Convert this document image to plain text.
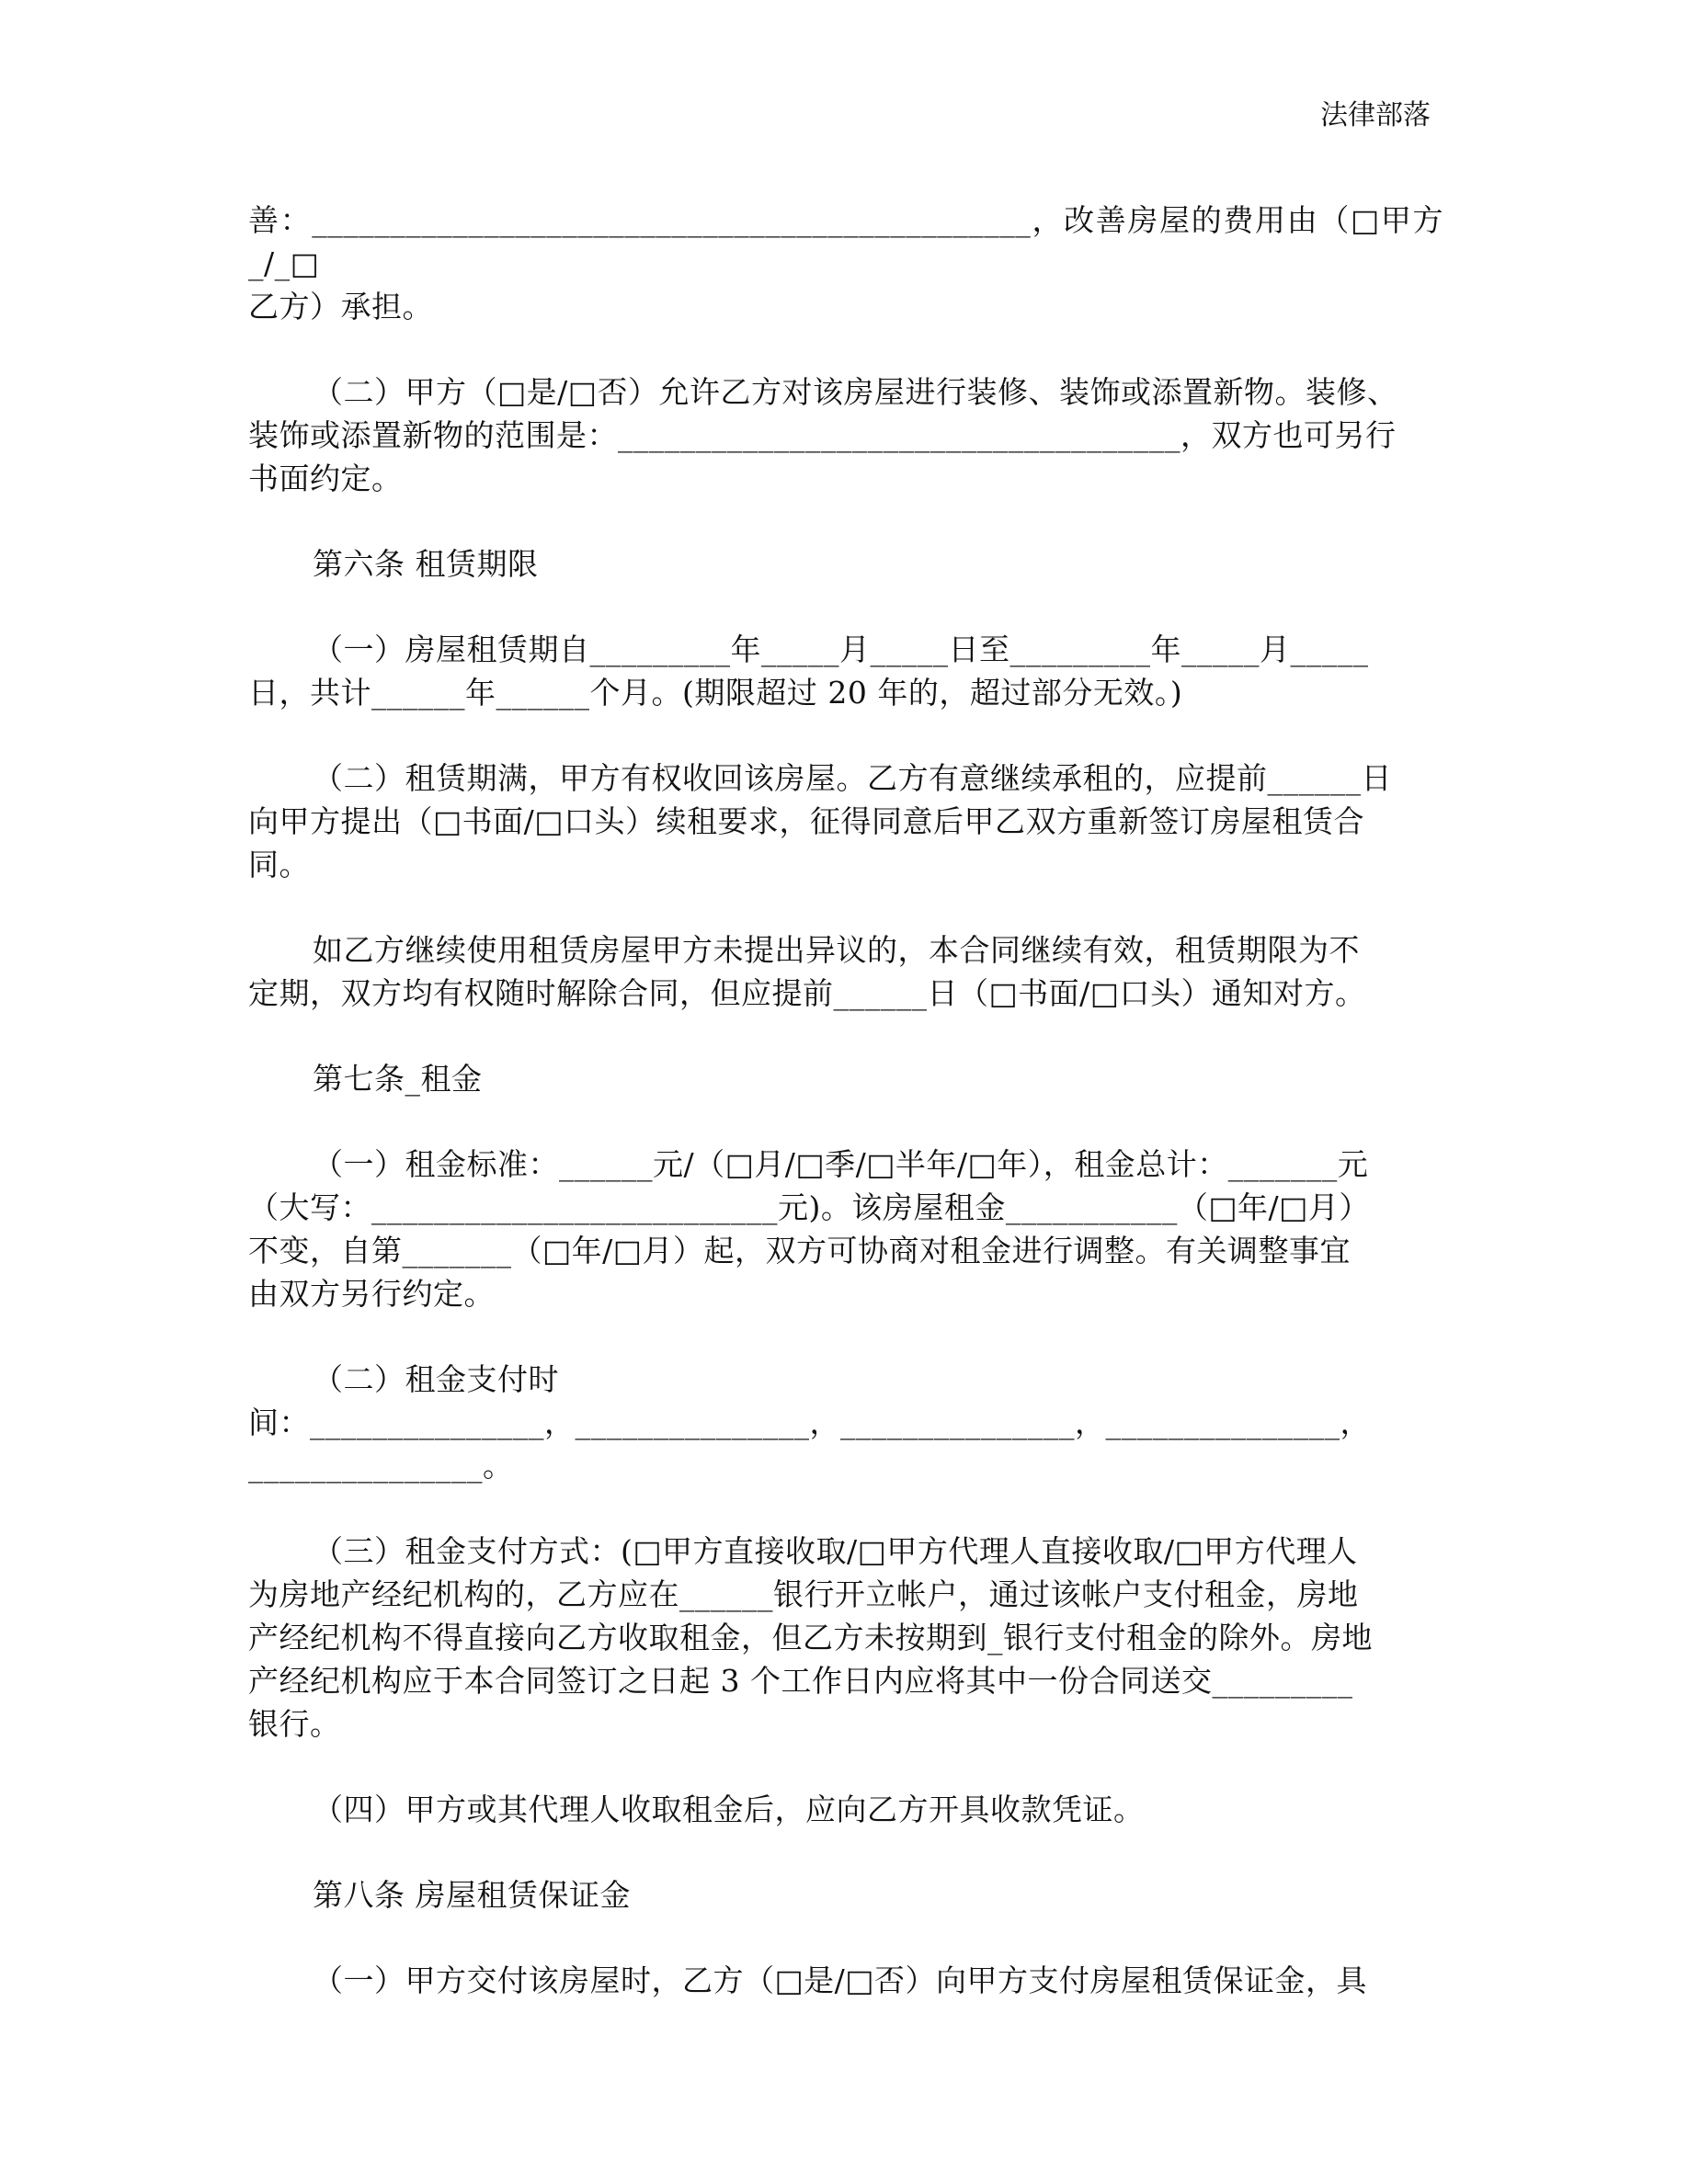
法律部落
善：______________________________________________，改善房屋的费用由（□甲方_/_□
乙方）承担。
（二）甲方（□是/□否）允许乙方对该房屋进行装修、装饰或添置新物。装修、
装饰或添置新物的范围是：____________________________________，双方也可另行
书面约定。
第六条 租赁期限
（一）房屋租赁期自_________年_____月_____日至_________年_____月_____
日，共计______年______个月。(期限超过 20 年的，超过部分无效。)
（二）租赁期满，甲方有权收回该房屋。乙方有意继续承租的，应提前______日
向甲方提出（□书面/□口头）续租要求，征得同意后甲乙双方重新签订房屋租赁合
同。
如乙方继续使用租赁房屋甲方未提出异议的，本合同继续有效，租赁期限为不
定期，双方均有权随时解除合同，但应提前______日（□书面/□口头）通知对方。
第七条_租金
（一）租金标准：______元/（□月/□季/□半年/□年），租金总计：_______元
（大写：__________________________元)。该房屋租金___________（□年/□月）
不变，自第_______（□年/□月）起，双方可协商对租金进行调整。有关调整事宜
由双方另行约定。
（二）租金支付时
间：_______________，_______________，_______________，_______________，
_______________。
（三）租金支付方式：(□甲方直接收取/□甲方代理人直接收取/□甲方代理人
为房地产经纪机构的，乙方应在______银行开立帐户，通过该帐户支付租金，房地
产经纪机构不得直接向乙方收取租金，但乙方未按期到_银行支付租金的除外。房地
产经纪机构应于本合同签订之日起 3 个工作日内应将其中一份合同送交_________
银行。
（四）甲方或其代理人收取租金后，应向乙方开具收款凭证。
第八条 房屋租赁保证金
（一）甲方交付该房屋时，乙方（□是/□否）向甲方支付房屋租赁保证金，具
